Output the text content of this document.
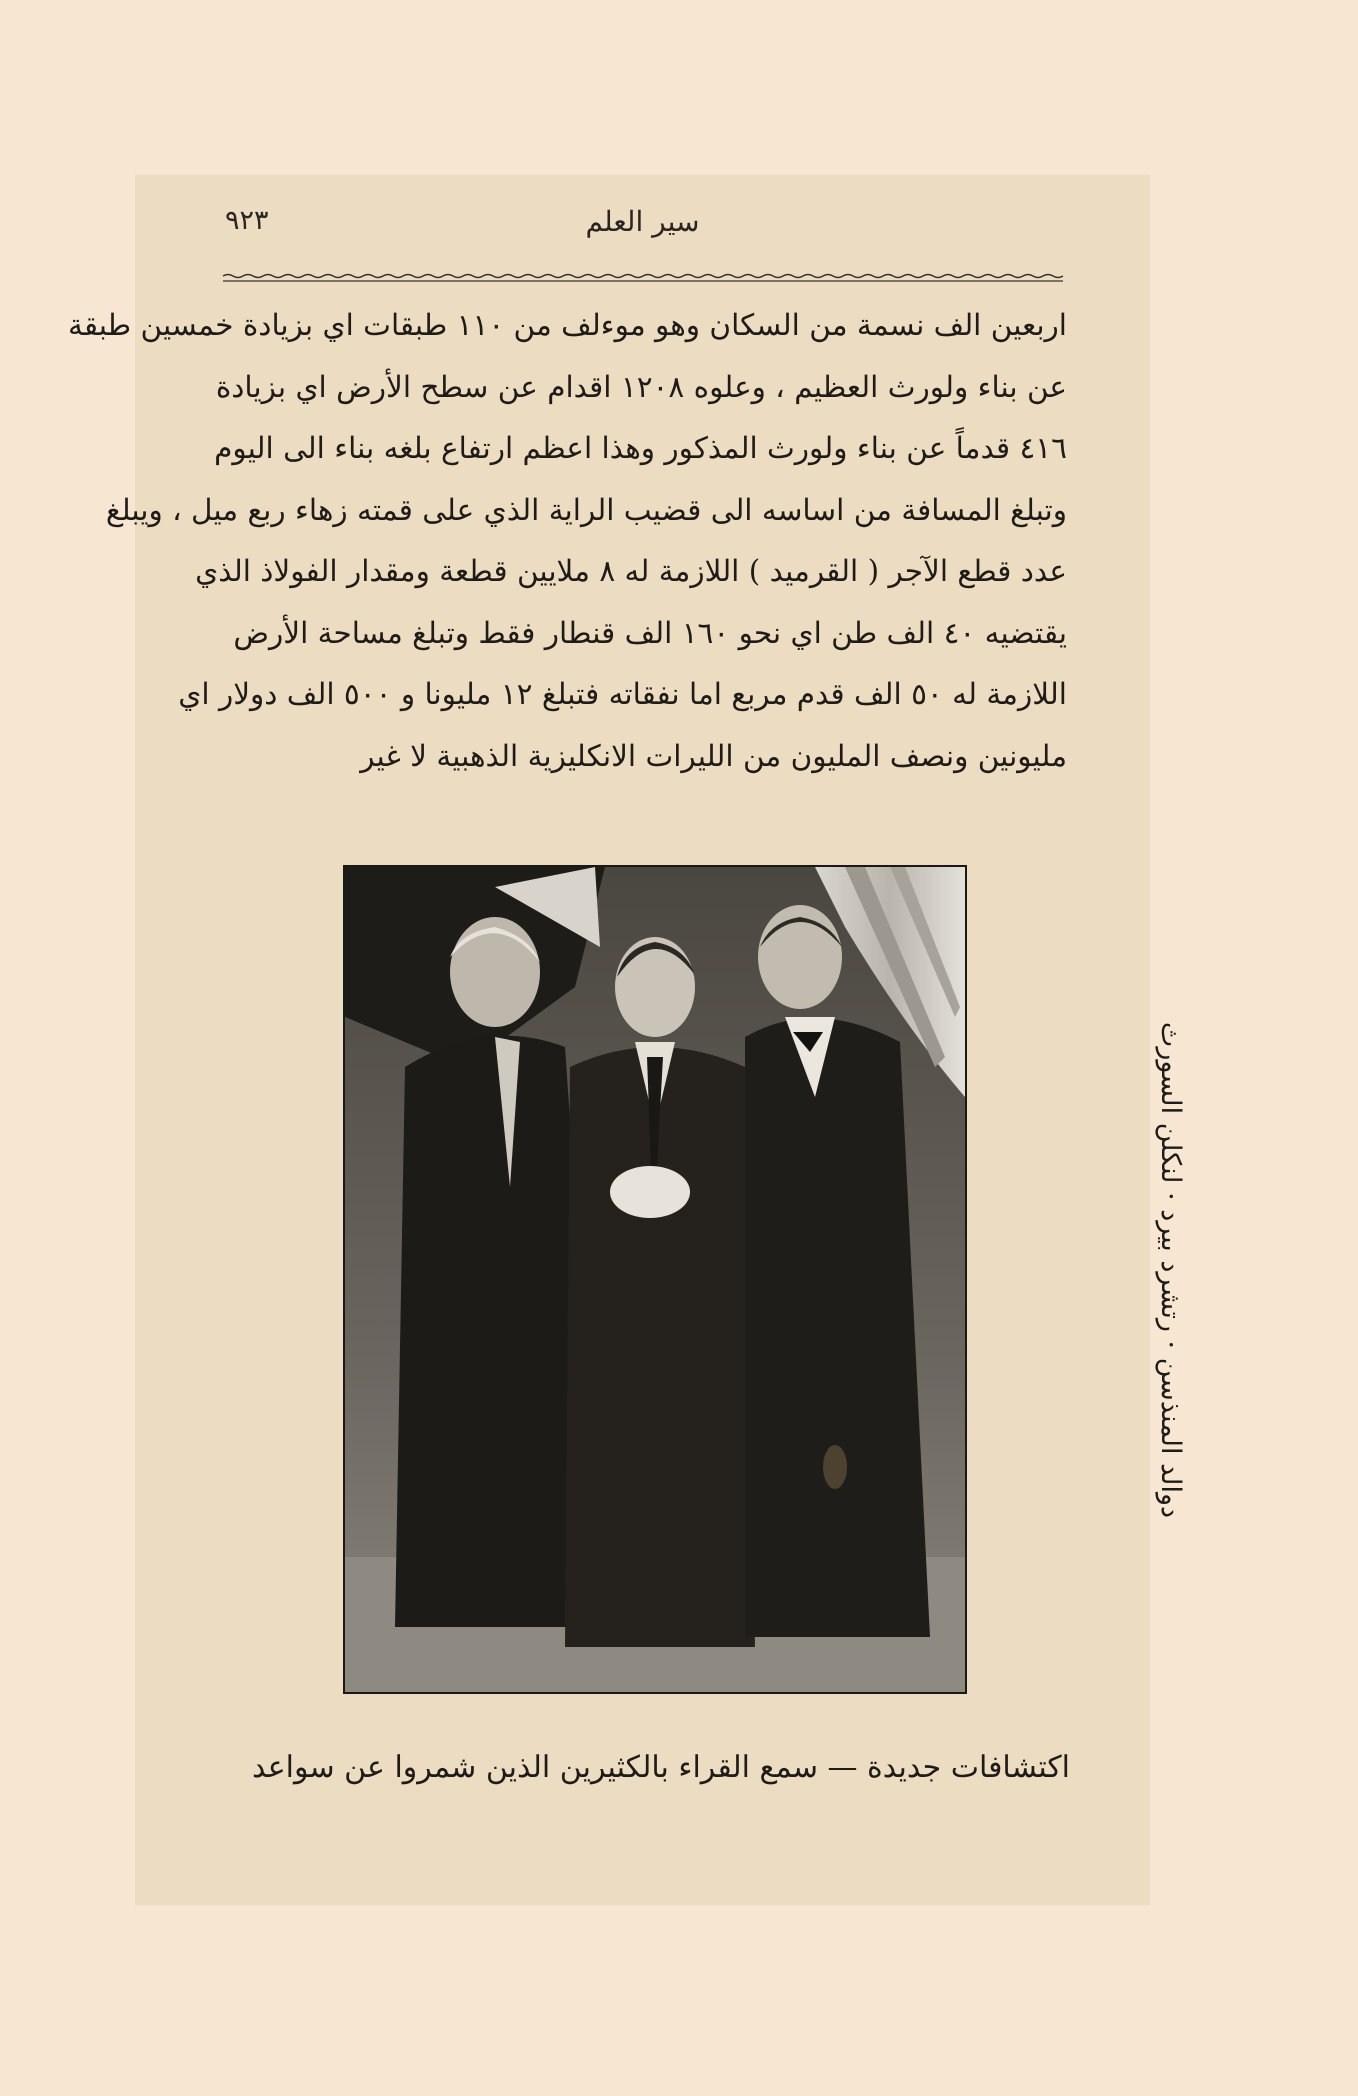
٩٢٣	سير العلم
اربعين الف نسمة من السكان وهو موءلف من ١١٠ طبقات اي بزيادة خمسين طبقة
عن بناء ولورث العظيم ، وعلوه ١٢٠٨ اقدام عن سطح الأرض اي بزيادة
٤١٦ قدماً عن بناء ولورث المذكور وهذا اعظم ارتفاع بلغه بناء الى اليوم
وتبلغ المسافة من اساسه الى قضيب الراية الذي على قمته زهاء ربع ميل ، ويبلغ
عدد قطع الآجر ( القرميد ) اللازمة له ٨ ملايين قطعة ومقدار الفولاذ الذي
يقتضيه ٤٠ الف طن اي نحو ١٦٠ الف قنطار فقط وتبلغ مساحة الأرض
اللازمة له ٥٠ الف قدم مربع اما نفقاته فتبلغ ١٢ مليونا و ٥٠٠ الف دولار اي
مليونين ونصف المليون من الليرات الانكليزية الذهبية لا غير
دوالد المنذسن · رتشرد بيرد · لنكلن السورث
اكتشافات جديدة — سمع القراء بالكثيرين الذين شمروا عن سواعد
